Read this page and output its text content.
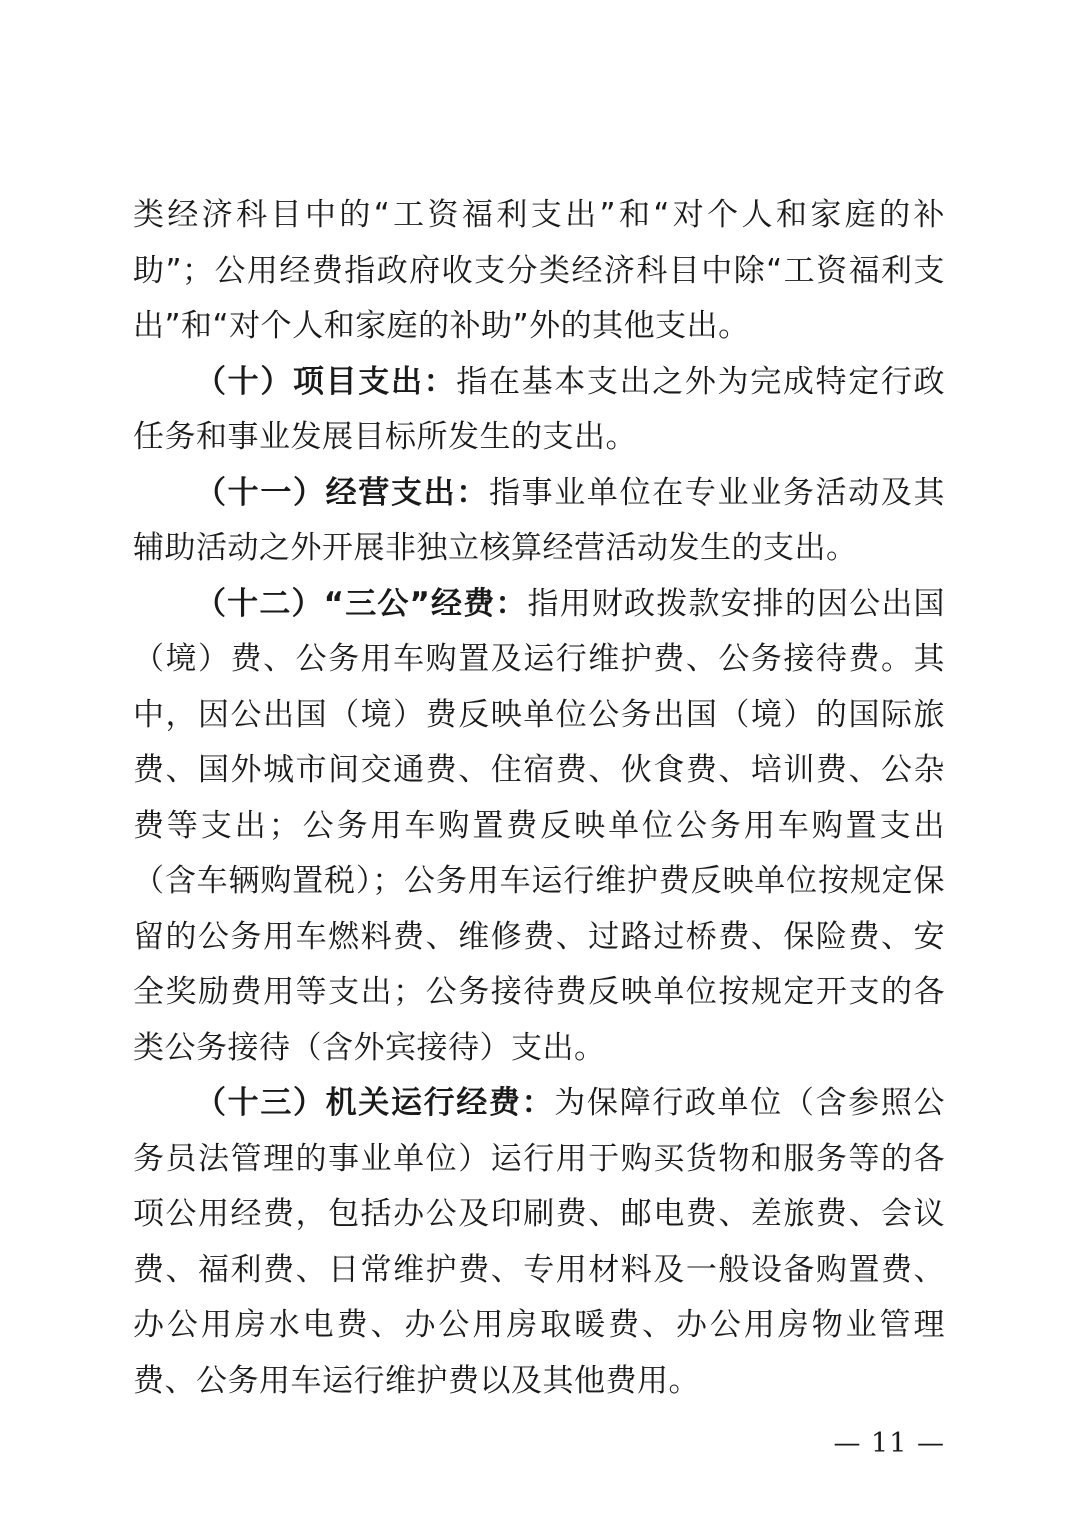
类经济科目中的“工资福利支出”和“对个人和家庭的补助”；公用经费指政府收支分类经济科目中除“工资福利支出”和“对个人和家庭的补助”外的其他支出。

（十）项目支出：指在基本支出之外为完成特定行政任务和事业发展目标所发生的支出。

（十一）经营支出：指事业单位在专业业务活动及其辅助活动之外开展非独立核算经营活动发生的支出。

（十二）“三公”经费：指用财政拨款安排的因公出国（境）费、公务用车购置及运行维护费、公务接待费。其中，因公出国（境）费反映单位公务出国（境）的国际旅费、国外城市间交通费、住宿费、伙食费、培训费、公杂费等支出；公务用车购置费反映单位公务用车购置支出（含车辆购置税）；公务用车运行维护费反映单位按规定保留的公务用车燃料费、维修费、过路过桥费、保险费、安全奖励费用等支出；公务接待费反映单位按规定开支的各类公务接待（含外宾接待）支出。

（十三）机关运行经费：为保障行政单位（含参照公务员法管理的事业单位）运行用于购买货物和服务等的各项公用经费，包括办公及印刷费、邮电费、差旅费、会议费、福利费、日常维护费、专用材料及一般设备购置费、办公用房水电费、办公用房取暖费、办公用房物业管理费、公务用车运行维护费以及其他费用。

— 11 —
